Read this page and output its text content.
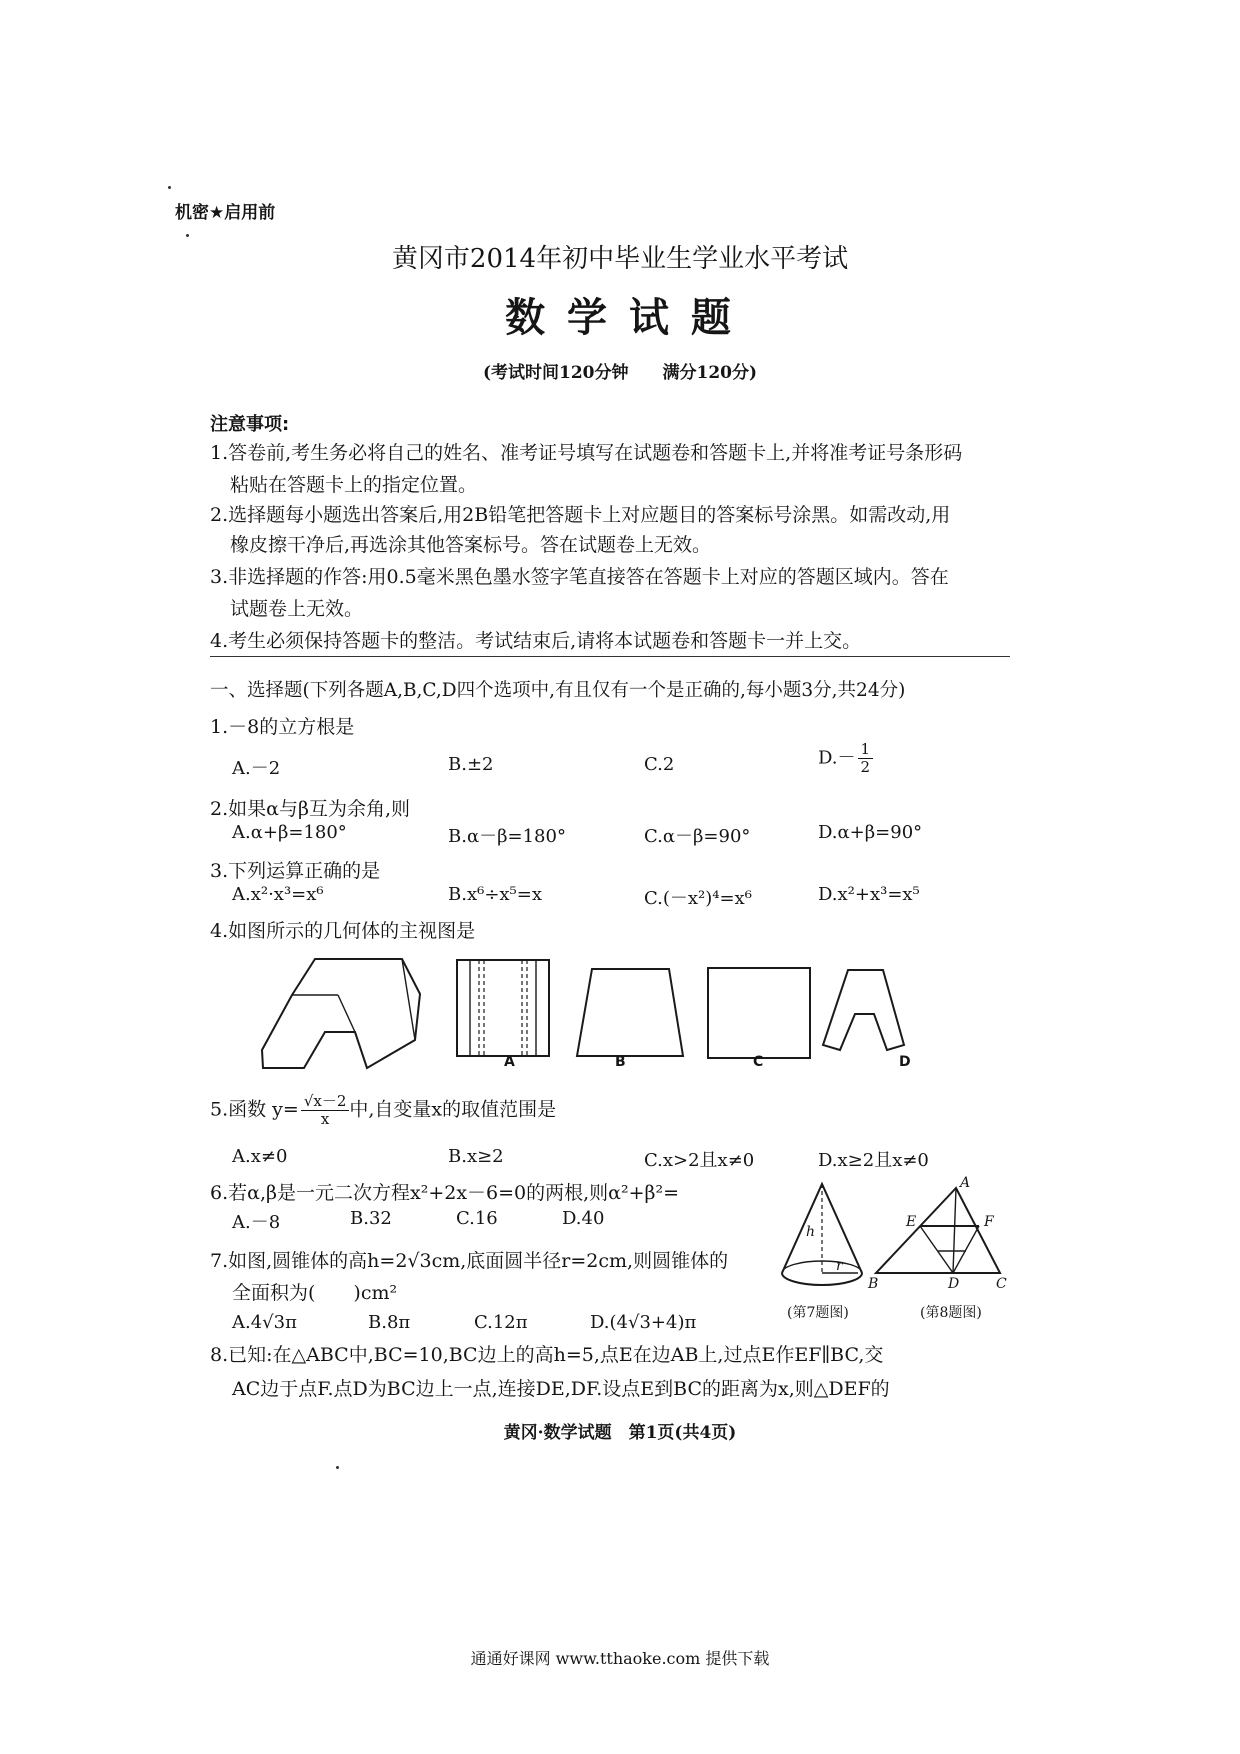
机密★启用前
黄冈市2014年初中毕业生学业水平考试
数 学 试 题
(考试时间120分钟　　满分120分)
注意事项:
1.答卷前,考生务必将自己的姓名、准考证号填写在试题卷和答题卡上,并将准考证号条形码
粘贴在答题卡上的指定位置。
2.选择题每小题选出答案后,用2B铅笔把答题卡上对应题目的答案标号涂黑。如需改动,用
橡皮擦干净后,再选涂其他答案标号。答在试题卷上无效。
3.非选择题的作答:用0.5毫米黑色墨水签字笔直接答在答题卡上对应的答题区域内。答在
试题卷上无效。
4.考生必须保持答题卡的整洁。考试结束后,请将本试题卷和答题卡一并上交。
一、选择题(下列各题A,B,C,D四个选项中,有且仅有一个是正确的,每小题3分,共24分)
1.－8的立方根是
A.－2	B.±2	C.2	$D.- \frac{1}{2}$
2.如果α与β互为余角,则
A.α+β=180°	B.α－β=180°	C.α－β=90°	D.α+β=90°
3.下列运算正确的是
A.x²·x³=x⁶	B.x⁶÷x⁵=x	C.(－x²)⁴=x⁶	D.x²+x³=x⁵
4.如图所示的几何体的主视图是
A	B	C	D
5.函数 $y= \frac{√x-2}{x}$ 中,自变量x的取值范围是
A.x≠0	B.x≥2	C.x>2且x≠0	D.x≥2且x≠0
6.若α,β是一元二次方程x²+2x－6=0的两根,则α²+β²=
A.－8	B.32	C.16	D.40
7.如图,圆锥体的高h=2√3cm,底面圆半径r=2cm,则圆锥体的
全面积为(　　)cm²
A.4√3π	B.8π	C.12π	D.(4√3+4)π
h
r
A
E	F
B	D	C
(第7题图)	(第8题图)
8.已知:在△ABC中,BC=10,BC边上的高h=5,点E在边AB上,过点E作EF∥BC,交
AC边于点F.点D为BC边上一点,连接DE,DF.设点E到BC的距离为x,则△DEF的
黄冈·数学试题　第1页(共4页)
通通好课网 www.tthaoke.com 提供下载
